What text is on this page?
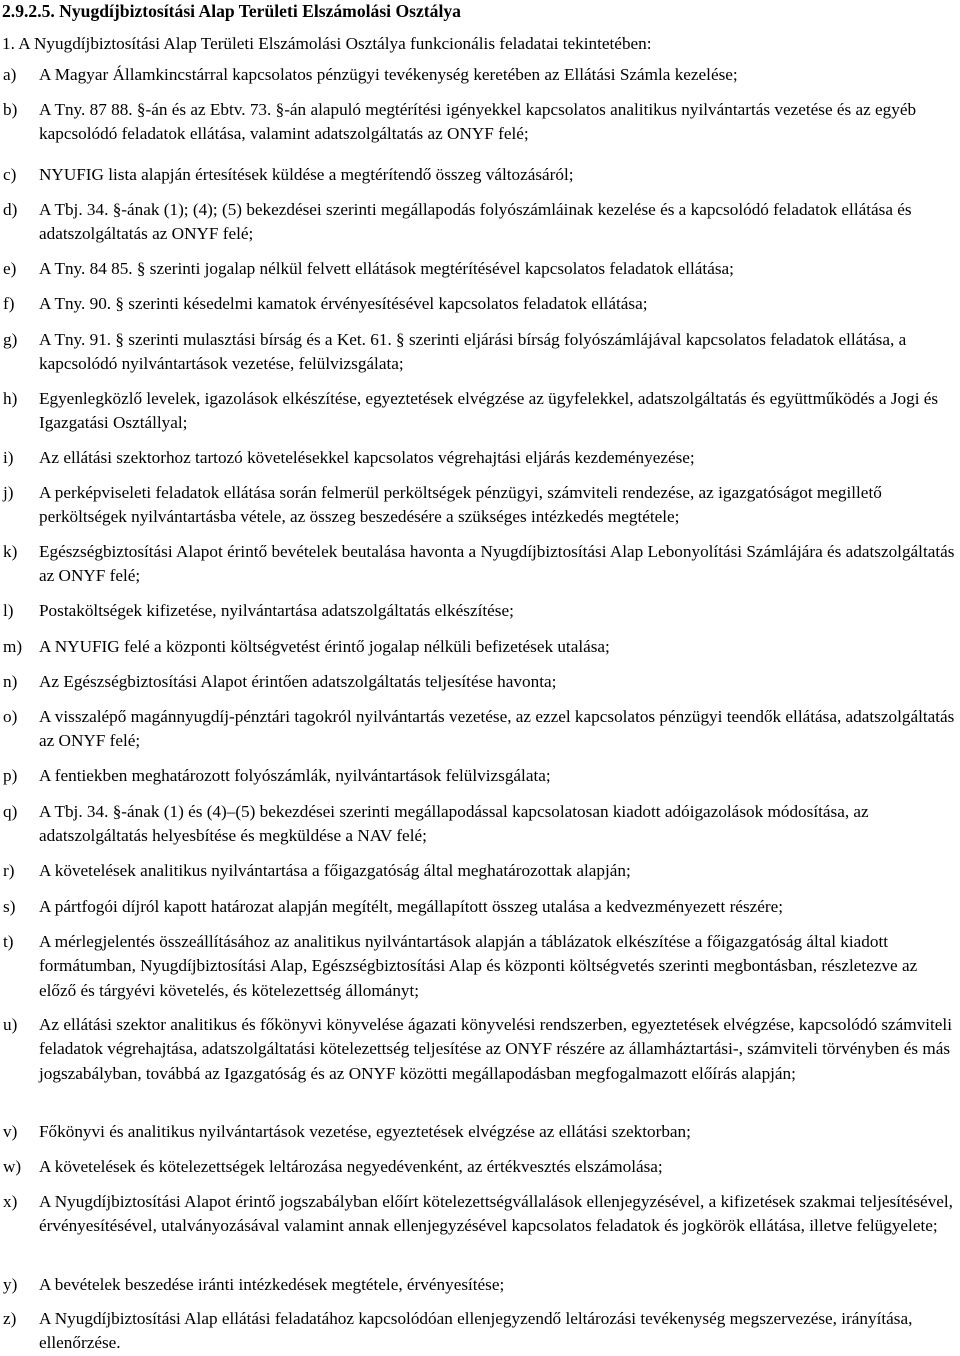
2.9.2.5. Nyugdíjbiztosítási Alap Területi Elszámolási Osztálya
1. A Nyugdíjbiztosítási Alap Területi Elszámolási Osztálya funkcionális feladatai tekintetében:
a) A Magyar Államkincstárral kapcsolatos pénzügyi tevékenység keretében az Ellátási Számla kezelése;
b) A Tny. 87 88. §-án és az Ebtv. 73. §-án alapuló megtérítési igényekkel kapcsolatos analitikus nyilvántartás vezetése és az egyéb kapcsolódó feladatok ellátása, valamint adatszolgáltatás az ONYF felé;
c) NYUFIG lista alapján értesítések küldése a megtérítendő összeg változásáról;
d) A Tbj. 34. §-ának (1); (4); (5) bekezdései szerinti megállapodás folyószámláinak kezelése és a kapcsolódó feladatok ellátása és adatszolgáltatás az ONYF felé;
e) A Tny. 84 85. § szerinti jogalap nélkül felvett ellátások megtérítésével kapcsolatos feladatok ellátása;
f) A Tny. 90. § szerinti késedelmi kamatok érvényesítésével kapcsolatos feladatok ellátása;
g) A Tny. 91. § szerinti mulasztási bírság és a Ket. 61. § szerinti eljárási bírság folyószámlájával kapcsolatos feladatok ellátása, a kapcsolódó nyilvántartások vezetése, felülvizsgálata;
h) Egyenlegközlő levelek, igazolások elkészítése, egyeztetések elvégzése az ügyfelekkel, adatszolgáltatás és együttműködés a Jogi és Igazgatási Osztállyal;
i) Az ellátási szektorhoz tartozó követelésekkel kapcsolatos végrehajtási eljárás kezdeményezése;
j) A perképviseleti feladatok ellátása során felmerül perköltségek pénzügyi, számviteli rendezése, az igazgatóságot megillető perköltségek nyilvántartásba vétele, az összeg beszedésére a szükséges intézkedés megtétele;
k) Egészségbiztosítási Alapot érintő bevételek beutalása havonta a Nyugdíjbiztosítási Alap Lebonyolítási Számlájára és adatszolgáltatás az ONYF felé;
l) Postaköltségek kifizetése, nyilvántartása adatszolgáltatás elkészítése;
m) A NYUFIG felé a központi költségvetést érintő jogalap nélküli befizetések utalása;
n) Az Egészségbiztosítási Alapot érintően adatszolgáltatás teljesítése havonta;
o) A visszalépő magánnyugdíj-pénztári tagokról nyilvántartás vezetése, az ezzel kapcsolatos pénzügyi teendők ellátása, adatszolgáltatás az ONYF felé;
p) A fentiekben meghatározott folyószámlák, nyilvántartások felülvizsgálata;
q) A Tbj. 34. §-ának (1) és (4)–(5) bekezdései szerinti megállapodással kapcsolatosan kiadott adóigazolások módosítása, az adatszolgáltatás helyesbítése és megküldése a NAV felé;
r) A követelések analitikus nyilvántartása a főigazgatóság által meghatározottak alapján;
s) A pártfogói díjról kapott határozat alapján megítélt, megállapított összeg utalása a kedvezményezett részére;
t) A mérlegjelentés összeállításához az analitikus nyilvántartások alapján a táblázatok elkészítése a főigazgatóság által kiadott formátumban, Nyugdíjbiztosítási Alap, Egészségbiztosítási Alap és központi költségvetés szerinti megbontásban, részletezve az előző és tárgyévi követelés, és kötelezettség állományt;
u) Az ellátási szektor analitikus és főkönyvi könyvelése ágazati könyvelési rendszerben, egyeztetések elvégzése, kapcsolódó számviteli feladatok végrehajtása, adatszolgáltatási kötelezettség teljesítése az ONYF részére az államháztartási-, számviteli törvényben és más jogszabályban, továbbá az Igazgatóság és az ONYF közötti megállapodásban megfogalmazott előírás alapján;
v) Főkönyvi és analitikus nyilvántartások vezetése, egyeztetések elvégzése az ellátási szektorban;
w) A követelések és kötelezettségek leltározása negyedévenként, az értékvesztés elszámolása;
x) A Nyugdíjbiztosítási Alapot érintő jogszabályban előírt kötelezettségvállalások ellenjegyzésével, a kifizetések szakmai teljesítésével, érvényesítésével, utalványozásával valamint annak ellenjegyzésével kapcsolatos feladatok és jogkörök ellátása, illetve felügyelete;
y) A bevételek beszedése iránti intézkedések megtétele, érvényesítése;
z) A Nyugdíjbiztosítási Alap ellátási feladatához kapcsolódóan ellenjegyzendő leltározási tevékenység megszervezése, irányítása, ellenőrzése.
